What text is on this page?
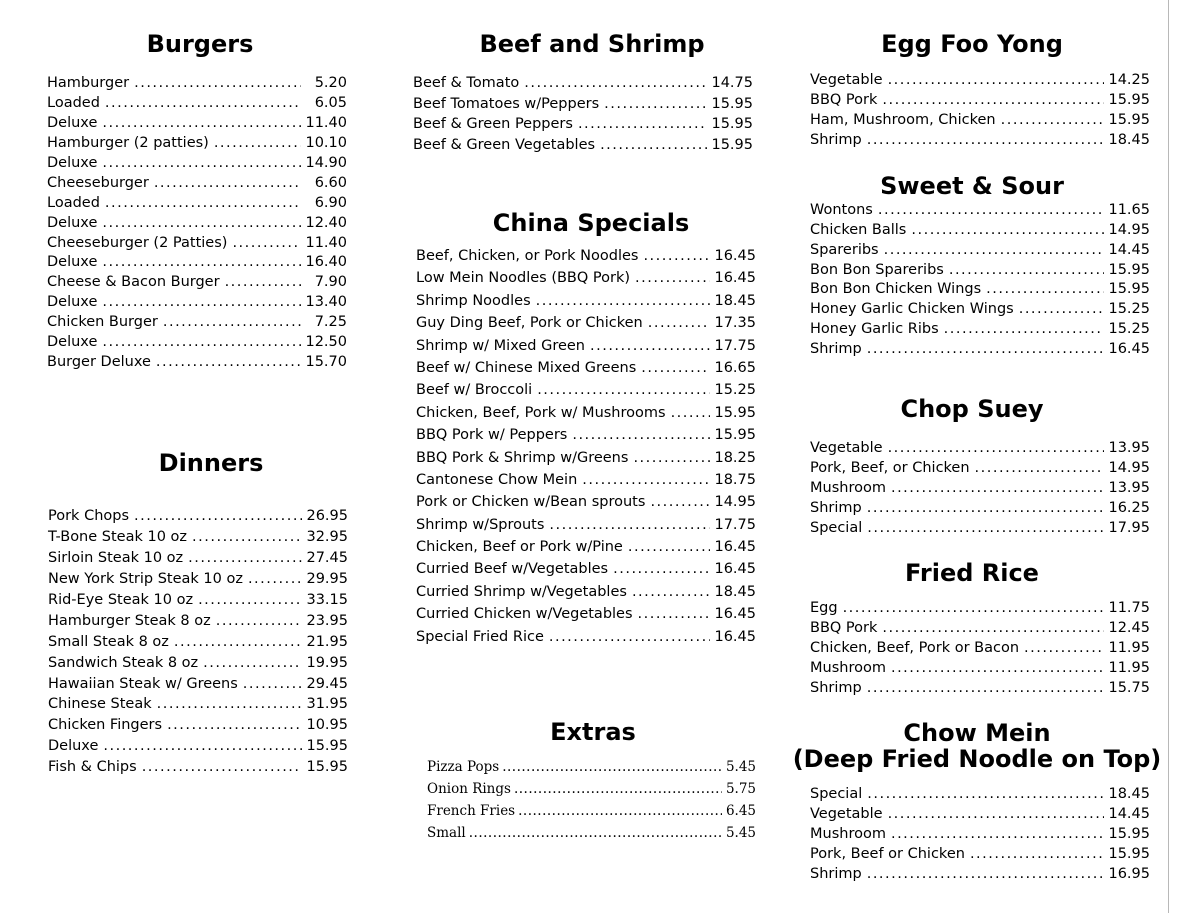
Burgers
Hamburger .....	5.20
Loaded .....	6.05
Deluxe .....	11.40
Hamburger (2 patties) .....	10.10
Deluxe .....	14.90
Cheeseburger .....	6.60
Loaded .....	6.90
Deluxe .....	12.40
Cheeseburger (2 Patties) .....	11.40
Deluxe .....	16.40
Cheese & Bacon Burger .....	7.90
Deluxe .....	13.40
Chicken Burger .....	7.25
Deluxe .....	12.50
Burger Deluxe .....	15.70
Dinners
Pork Chops .....	26.95
T-Bone Steak 10 oz .....	32.95
Sirloin Steak 10 oz .....	27.45
New York Strip Steak 10 oz .....	29.95
Rid-Eye Steak 10 oz .....	33.15
Hamburger Steak 8 oz .....	23.95
Small Steak 8 oz .....	21.95
Sandwich Steak 8 oz .....	19.95
Hawaiian Steak w/ Greens .....	29.45
Chinese Steak .....	31.95
Chicken Fingers .....	10.95
Deluxe .....	15.95
Fish & Chips .....	15.95
Beef and Shrimp
Beef & Tomato .....	14.75
Beef Tomatoes w/Peppers .....	15.95
Beef & Green Peppers .....	15.95
Beef & Green Vegetables .....	15.95
China Specials
Beef, Chicken, or Pork Noodles .....	16.45
Low Mein Noodles (BBQ Pork) .....	16.45
Shrimp Noodles .....	18.45
Guy Ding Beef, Pork or Chicken .....	17.35
Shrimp w/ Mixed Green .....	17.75
Beef w/ Chinese Mixed Greens .....	16.65
Beef w/ Broccoli .....	15.25
Chicken, Beef, Pork w/ Mushrooms .....	15.95
BBQ Pork w/ Peppers .....	15.95
BBQ Pork & Shrimp w/Greens .....	18.25
Cantonese Chow Mein .....	18.75
Pork or Chicken w/Bean sprouts .....	14.95
Shrimp w/Sprouts .....	17.75
Chicken, Beef or Pork w/Pine .....	16.45
Curried Beef w/Vegetables .....	16.45
Curried Shrimp w/Vegetables .....	18.45
Curried Chicken w/Vegetables .....	16.45
Special Fried Rice .....	16.45
Extras
Pizza Pops .....	5.45
Onion Rings .....	5.75
French Fries .....	6.45
Small .....	5.45
Egg Foo Yong
Vegetable .....	14.25
BBQ Pork .....	15.95
Ham, Mushroom, Chicken .....	15.95
Shrimp .....	18.45
Sweet & Sour
Wontons .....	11.65
Chicken Balls .....	14.95
Spareribs .....	14.45
Bon Bon Spareribs .....	15.95
Bon Bon Chicken Wings .....	15.95
Honey Garlic Chicken Wings .....	15.25
Honey Garlic Ribs .....	15.25
Shrimp .....	16.45
Chop Suey
Vegetable .....	13.95
Pork, Beef, or Chicken .....	14.95
Mushroom .....	13.95
Shrimp .....	16.25
Special .....	17.95
Fried Rice
Egg .....	11.75
BBQ Pork .....	12.45
Chicken, Beef, Pork or Bacon .....	11.95
Mushroom .....	11.95
Shrimp .....	15.75
Chow Mein
(Deep Fried Noodle on Top)
Special .....	18.45
Vegetable .....	14.45
Mushroom .....	15.95
Pork, Beef or Chicken .....	15.95
Shrimp .....	16.95
